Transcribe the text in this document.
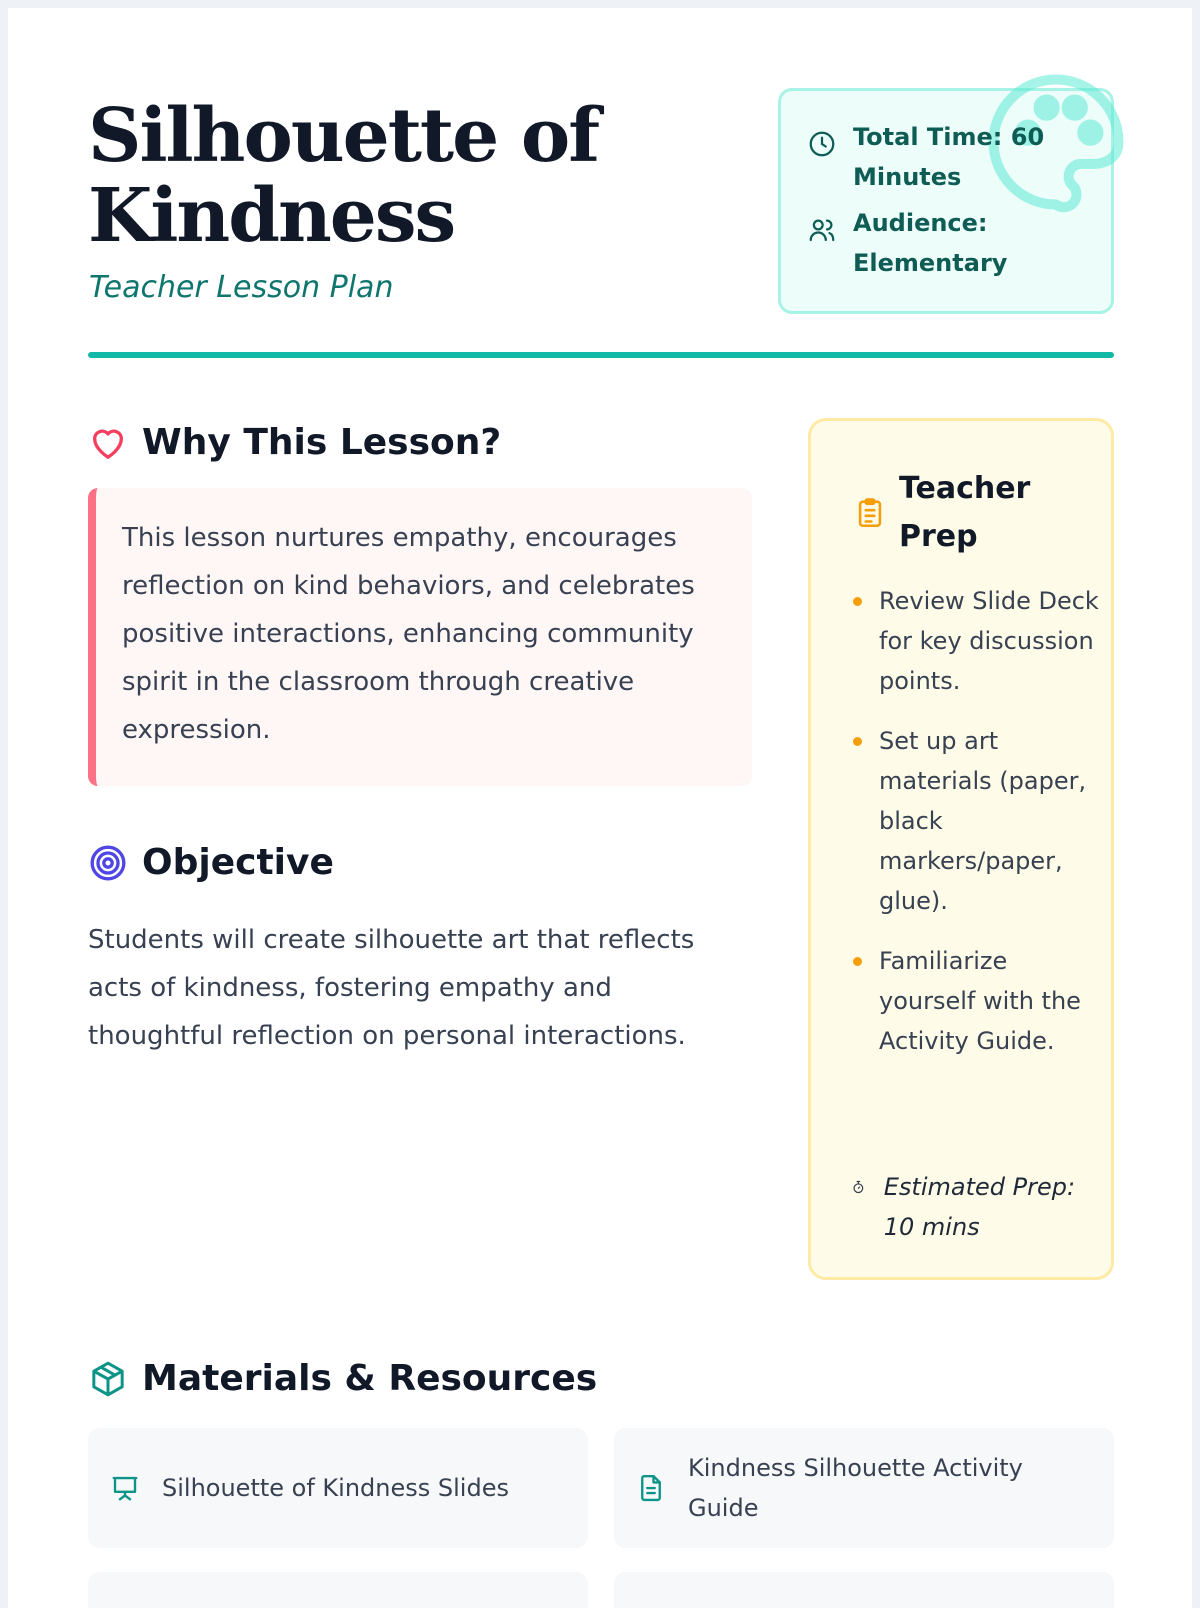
Silhouette of Kindness
Teacher Lesson Plan
Total Time: 60 Minutes
Audience: Elementary
Why This Lesson?
This lesson nurtures empathy, encourages reflection on kind behaviors, and celebrates positive interactions, enhancing community spirit in the classroom through creative expression.
Objective
Students will create silhouette art that reflects acts of kindness, fostering empathy and thoughtful reflection on personal interactions.
Teacher Prep
Review Slide Deck for key discussion points.
Set up art materials (paper, black markers/paper, glue).
Familiarize yourself with the Activity Guide.
Estimated Prep: 10 mins
Materials & Resources
Silhouette of Kindness Slides
Kindness Silhouette Activity Guide
